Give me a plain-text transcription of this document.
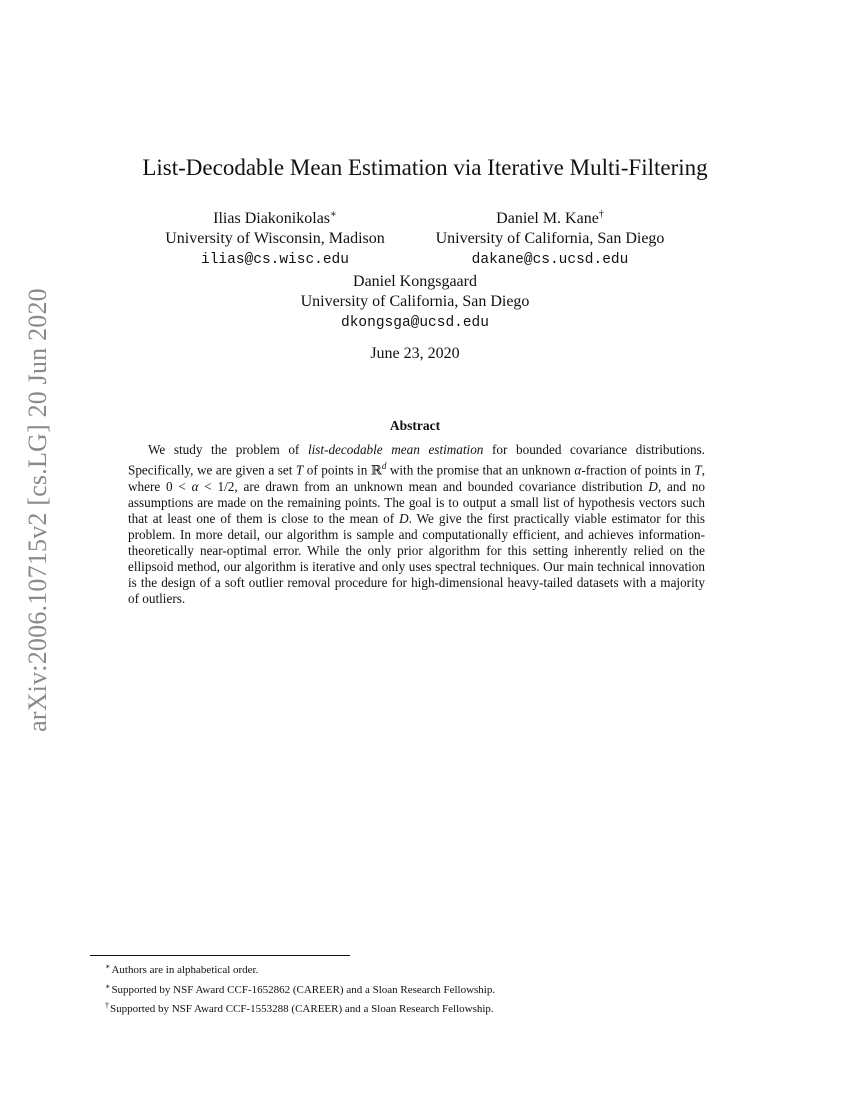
arXiv:2006.10715v2 [cs.LG] 20 Jun 2020
List-Decodable Mean Estimation via Iterative Multi-Filtering
Ilias Diakonikolas∗
University of Wisconsin, Madison
ilias@cs.wisc.edu
Daniel M. Kane†
University of California, San Diego
dakane@cs.ucsd.edu
Daniel Kongsgaard
University of California, San Diego
dkongsga@ucsd.edu
June 23, 2020
Abstract

We study the problem of list-decodable mean estimation for bounded covariance distributions. Specifically, we are given a set T of points in ℝ$^d$ with the promise that an unknown α-fraction of points in T, where 0 < α < 1/2, are drawn from an unknown mean and bounded covariance distribution D, and no assumptions are made on the remaining points. The goal is to output a small list of hypothesis vectors such that at least one of them is close to the mean of D. We give the first practically viable estimator for this problem. In more detail, our algorithm is sample and computationally efficient, and achieves information-theoretically near-optimal error. While the only prior algorithm for this setting inherently relied on the ellipsoid method, our algorithm is iterative and only uses spectral techniques. Our main technical innovation is the design of a soft outlier removal procedure for high-dimensional heavy-tailed datasets with a majority of outliers.

∗Authors are in alphabetical order.
∗Supported by NSF Award CCF-1652862 (CAREER) and a Sloan Research Fellowship.
†Supported by NSF Award CCF-1553288 (CAREER) and a Sloan Research Fellowship.
